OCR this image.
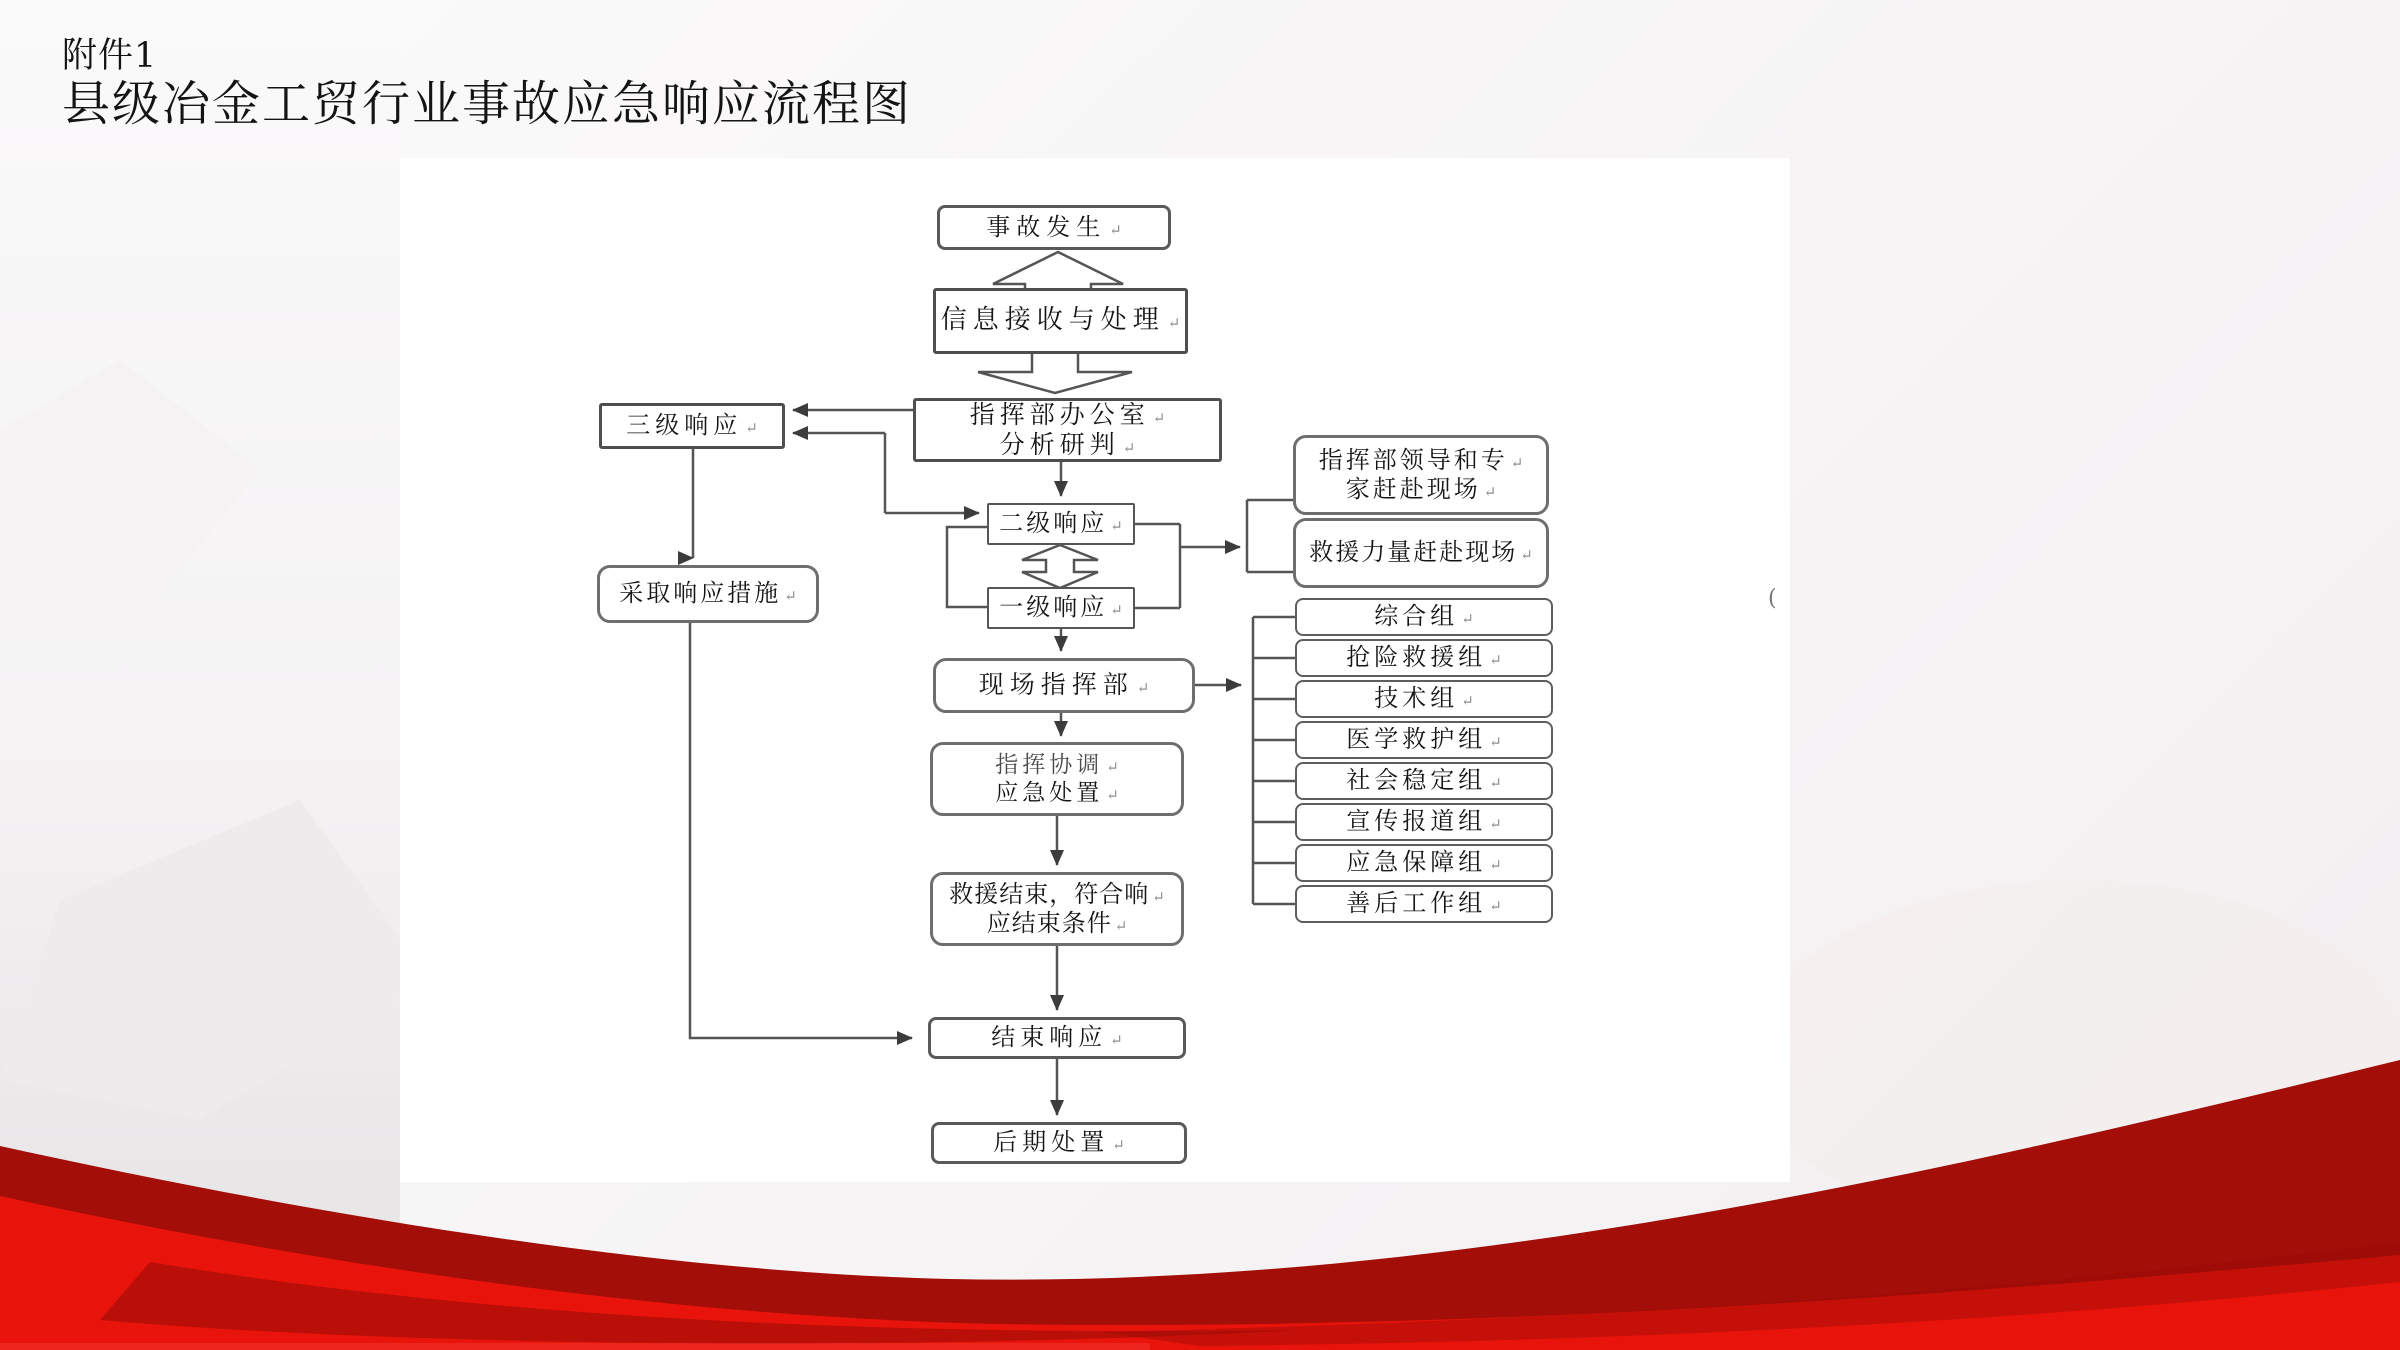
事故发生 ↵
信息接收与处理 ↵
指挥部办公室 ↵
分析研判 ↵
三级响应 ↵
二级响应 ↵
一级响应 ↵
采取响应措施 ↵
现场指挥部 ↵
指挥部领导和专 ↵
家赶赴现场 ↵
救援力量赶赴现场 ↵
指挥协调 ↵
应急处置 ↵
救援结束，符合响 ↵
应结束条件 ↵
结束响应 ↵
后期处置 ↵
综合组 ↵
抢险救援组 ↵
技术组 ↵
医学救护组 ↵
社会稳定组 ↵
宣传报道组 ↵
应急保障组 ↵
善后工作组 ↵
附件1
县级冶金工贸行业事故应急响应流程图
(
